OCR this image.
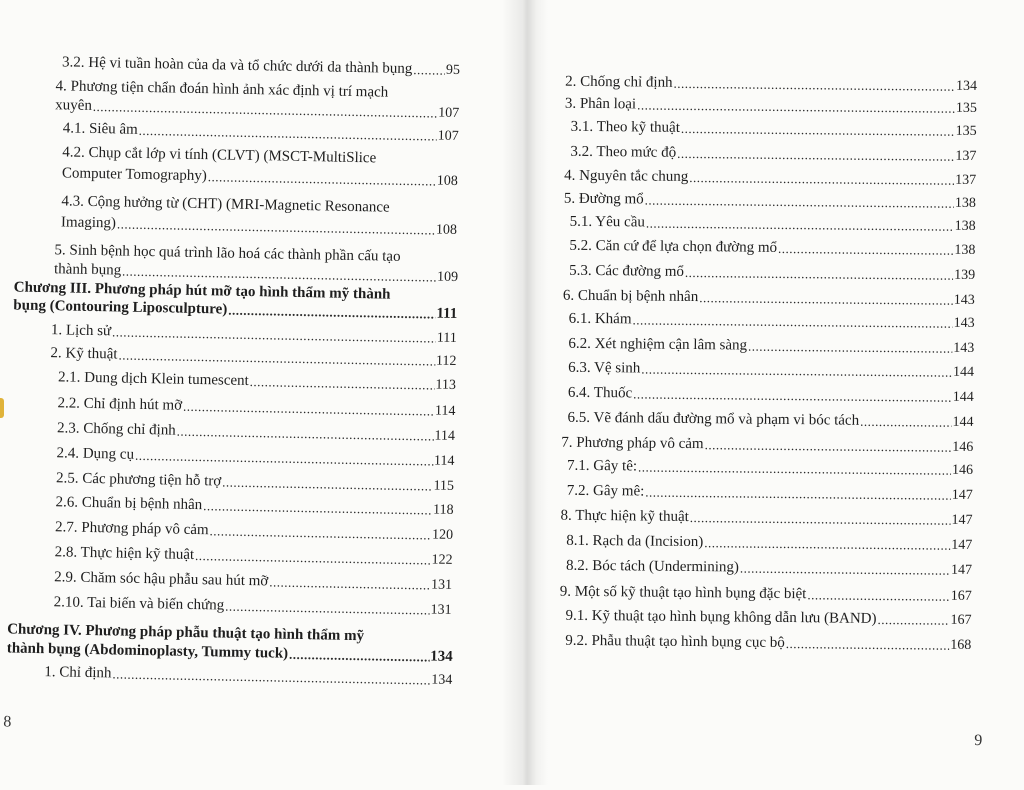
3.2. Hệ vi tuần hoàn của da và tổ chức dưới da thành bụng ..... 95
4. Phương tiện chẩn đoán hình ảnh xác định vị trí mạch
xuyên .....	107
4.1. Siêu âm .....	107
4.2. Chụp cắt lớp vi tính (CLVT) (MSCT-MultiSlice
Computer Tomography) .....	108
4.3. Cộng hưởng từ (CHT) (MRI-Magnetic Resonance
Imaging) .....	108
5. Sinh bệnh học quá trình lão hoá các thành phần cấu tạo
thành bụng .....	109
Chương III. Phương pháp hút mỡ tạo hình thẩm mỹ thành
bụng (Contouring Liposculpture) .....	111
1. Lịch sử .....	111
2. Kỹ thuật .....	112
2.1. Dung dịch Klein tumescent .....	113
2.2. Chỉ định hút mỡ .....	114
2.3. Chống chỉ định .....	114
2.4. Dụng cụ .....	114
2.5. Các phương tiện hỗ trợ .....	115
2.6. Chuẩn bị bệnh nhân .....	118
2.7. Phương pháp vô cảm .....	120
2.8. Thực hiện kỹ thuật .....	122
2.9. Chăm sóc hậu phẫu sau hút mỡ .....	131
2.10. Tai biến và biến chứng .....	131
Chương IV. Phương pháp phẫu thuật tạo hình thẩm mỹ
thành bụng (Abdominoplasty, Tummy tuck) .....	134
1. Chỉ định .....	134
8
2. Chống chỉ định .....	134
3. Phân loại .....	135
3.1. Theo kỹ thuật .....	135
3.2. Theo mức độ .....	137
4. Nguyên tắc chung .....	137
5. Đường mổ .....	138
5.1. Yêu cầu .....	138
5.2. Căn cứ để lựa chọn đường mổ .....	138
5.3. Các đường mổ .....	139
6. Chuẩn bị bệnh nhân .....	143
6.1. Khám .....	143
6.2. Xét nghiệm cận lâm sàng .....	143
6.3. Vệ sinh .....	144
6.4. Thuốc .....	144
6.5. Vẽ đánh dấu đường mổ và phạm vi bóc tách .....	144
7. Phương pháp vô cảm .....	146
7.1. Gây tê: .....	146
7.2. Gây mê: .....	147
8. Thực hiện kỹ thuật .....	147
8.1. Rạch da (Incision) .....	147
8.2. Bóc tách (Undermining) .....	147
9. Một số kỹ thuật tạo hình bụng đặc biệt .....	167
9.1. Kỹ thuật tạo hình bụng không dẫn lưu (BAND) .....	167
9.2. Phẫu thuật tạo hình bụng cục bộ .....	168
9
